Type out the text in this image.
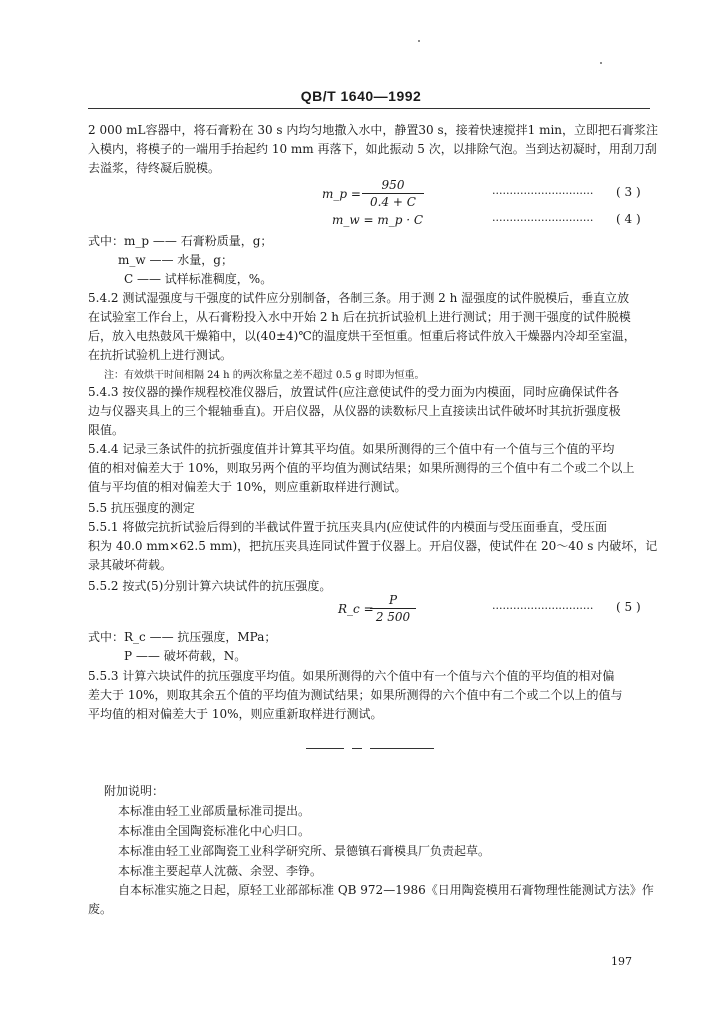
QB/T 1640—1992
2 000 mL容器中，将石膏粉在 30 s 内均匀地撒入水中，静置30 s，接着快速搅拌1 min，立即把石膏浆注
入模内，将模子的一端用手抬起约 10 mm 再落下，如此振动 5 次，以排除气泡。当到达初凝时，用刮刀刮
去溢浆，待终凝后脱模。
m_p =
950
0.4 + C
............................. ( 3 )
m_w = m_p · C	............................. ( 4 )
式中：m_p —— 石膏粉质量，g；
m_w —— 水量，g；
C —— 试样标准稠度，%。
5.4.2 测试湿强度与干强度的试件应分别制备，各制三条。用于测 2 h 湿强度的试件脱模后，垂直立放
在试验室工作台上，从石膏粉投入水中开始 2 h 后在抗折试验机上进行测试；用于测干强度的试件脱模
后，放入电热鼓风干燥箱中，以(40±4)℃的温度烘干至恒重。恒重后将试件放入干燥器内冷却至室温，
在抗折试验机上进行测试。
注：有效烘干时间相隔 24 h 的两次称量之差不超过 0.5 g 时即为恒重。
5.4.3 按仪器的操作规程校准仪器后，放置试件(应注意使试件的受力面为内模面，同时应确保试件各
边与仪器夹具上的三个辊轴垂直)。开启仪器，从仪器的读数标尺上直接读出试件破坏时其抗折强度极
限值。
5.4.4 记录三条试件的抗折强度值并计算其平均值。如果所测得的三个值中有一个值与三个值的平均
值的相对偏差大于 10%，则取另两个值的平均值为测试结果；如果所测得的三个值中有二个或二个以上
值与平均值的相对偏差大于 10%，则应重新取样进行测试。
5.5 抗压强度的测定
5.5.1 将做完抗折试验后得到的半截试件置于抗压夹具内(应使试件的内模面与受压面垂直，受压面
积为 40.0 mm×62.5 mm)，把抗压夹具连同试件置于仪器上。开启仪器，使试件在 20～40 s 内破坏，记
录其破坏荷载。
5.5.2 按式(5)分别计算六块试件的抗压强度。
R_c =
P
2 500
............................. ( 5 )
式中：R_c —— 抗压强度，MPa；
P —— 破坏荷载，N。
5.5.3 计算六块试件的抗压强度平均值。如果所测得的六个值中有一个值与六个值的平均值的相对偏
差大于 10%，则取其余五个值的平均值为测试结果；如果所测得的六个值中有二个或二个以上的值与
平均值的相对偏差大于 10%，则应重新取样进行测试。
附加说明：
本标准由轻工业部质量标准司提出。
本标准由全国陶瓷标准化中心归口。
本标准由轻工业部陶瓷工业科学研究所、景德镇石膏模具厂负责起草。
本标准主要起草人沈薇、余翌、李铮。
自本标准实施之日起，原轻工业部部标准 QB 972—1986《日用陶瓷模用石膏物理性能测试方法》作
废。
197
